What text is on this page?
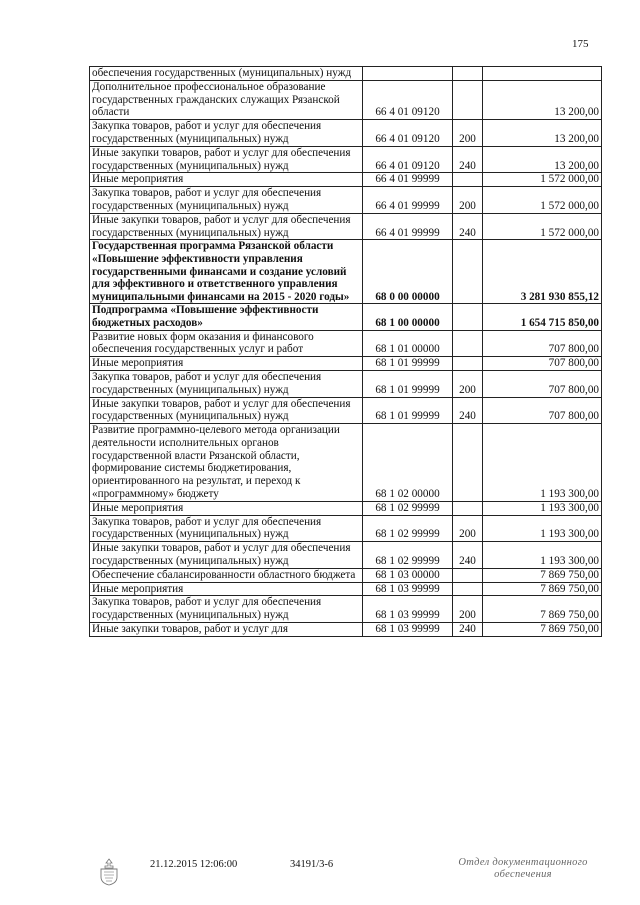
175
обеспечения государственных (муниципальных) нужд			
Дополнительное профессиональное образование государственных гражданских служащих Рязанской области	66 4 01 09120		13 200,00
Закупка товаров, работ и услуг для обеспечения государственных (муниципальных) нужд	66 4 01 09120	200	13 200,00
Иные закупки товаров, работ и услуг для обеспечения государственных (муниципальных) нужд	66 4 01 09120	240	13 200,00
Иные мероприятия	66 4 01 99999		1 572 000,00
Закупка товаров, работ и услуг для обеспечения государственных (муниципальных) нужд	66 4 01 99999	200	1 572 000,00
Иные закупки товаров, работ и услуг для обеспечения государственных (муниципальных) нужд	66 4 01 99999	240	1 572 000,00
Государственная программа Рязанской области «Повышение эффективности управления государственными финансами и создание условий для эффективного и ответственного управления муниципальными финансами на 2015 - 2020 годы»	68 0 00 00000		3 281 930 855,12
Подпрограмма «Повышение эффективности бюджетных расходов»	68 1 00 00000		1 654 715 850,00
Развитие новых форм оказания и финансового обеспечения государственных услуг и работ	68 1 01 00000		707 800,00
Иные мероприятия	68 1 01 99999		707 800,00
Закупка товаров, работ и услуг для обеспечения государственных (муниципальных) нужд	68 1 01 99999	200	707 800,00
Иные закупки товаров, работ и услуг для обеспечения государственных (муниципальных) нужд	68 1 01 99999	240	707 800,00
Развитие программно-целевого метода организации деятельности исполнительных органов государственной власти Рязанской области, формирование системы бюджетирования, ориентированного на результат, и переход к «программному» бюджету	68 1 02 00000		1 193 300,00
Иные мероприятия	68 1 02 99999		1 193 300,00
Закупка товаров, работ и услуг для обеспечения государственных (муниципальных) нужд	68 1 02 99999	200	1 193 300,00
Иные закупки товаров, работ и услуг для обеспечения государственных (муниципальных) нужд	68 1 02 99999	240	1 193 300,00
Обеспечение сбалансированности областного бюджета	68 1 03 00000		7 869 750,00
Иные мероприятия	68 1 03 99999		7 869 750,00
Закупка товаров, работ и услуг для обеспечения государственных (муниципальных) нужд	68 1 03 99999	200	7 869 750,00
Иные закупки товаров, работ и услуг для	68 1 03 99999	240	7 869 750,00
21.12.2015 12:06:00	34191/3-6	Отдел документационного
обеспечения
